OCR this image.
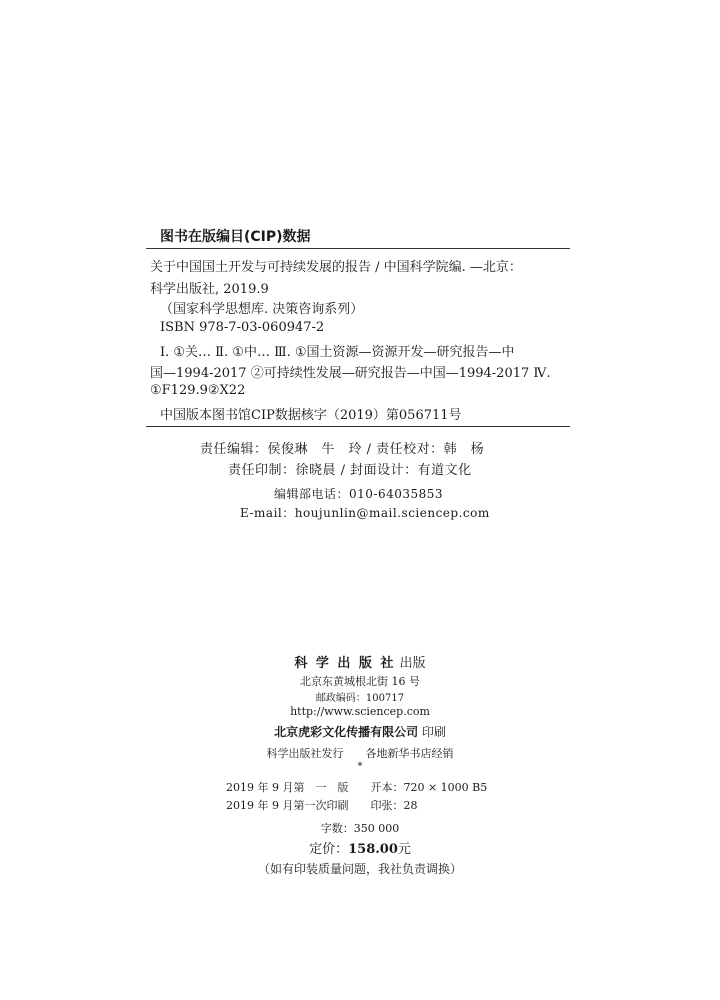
图书在版编目(CIP)数据
关于中国国土开发与可持续发展的报告 / 中国科学院编. —北京：
科学出版社, 2019.9
（国家科学思想库. 决策咨询系列）
ISBN 978-7-03-060947-2
Ⅰ. ①关… Ⅱ. ①中… Ⅲ. ①国土资源—资源开发—研究报告—中
国—1994-2017 ②可持续性发展—研究报告—中国—1994-2017 Ⅳ.
①F129.9②X22
中国版本图书馆CIP数据核字（2019）第056711号
责任编辑：侯俊琳　牛　玲 / 责任校对：韩　杨
责任印制：徐晓晨 / 封面设计：有道文化
编辑部电话：010-64035853
E-mail：houjunlin@mail.sciencep.com
科 学 出 版 社 出版
北京东黄城根北街 16 号
邮政编码：100717
http://www.sciencep.com
北京虎彩文化传播有限公司 印刷
科学出版社发行　　各地新华书店经销
*
2019 年 9 月第　一　版　　开本：720 × 1000 B5
2019 年 9 月第一次印刷　　印张：28
字数：350 000
定价：158.00元
（如有印装质量问题，我社负责调换）
